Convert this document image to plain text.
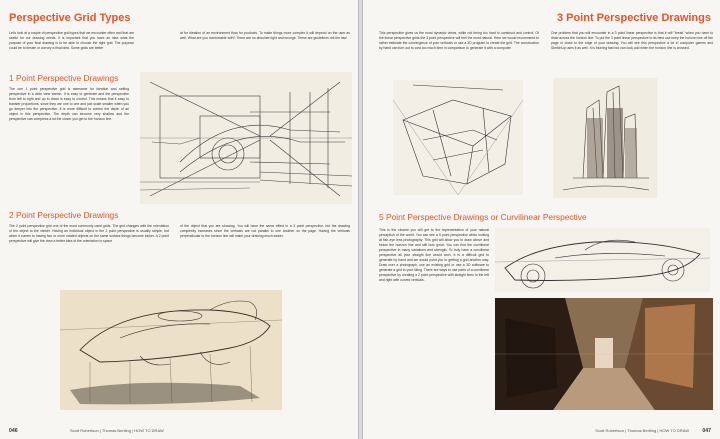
Perspective Grid Types
Let's look at a couple of perspective grid types that we encounter often and that are useful for our drawing needs. It is important that you have an idea what the purpose of your final drawing is to be able to choose the right grid. The purpose could be to iterate or convey a final idea. Some grids are better
at for ideation of an environment than for products. To make things more complex it will depend on the user as well. What are you comfortable with? There are no absolute right and wrongs. These are guidelines not the law!
1 Point Perspective Drawings
The one 1 point perspective grid is awesome for ideation and setting perspective in a wide view sketch. It is easy to generate and the perspective from left to right and up to down is easy to control. This means that it easy to transfer proportions, since they are one to one and just scale smaller when you go deeper into the perspective. It is more difficult to control the depth of an object in this perspective. The depth can become very shallow and the perspective can compress a lot the closer you get to the horizon line.
2 Point Perspective Drawings
The 2 point perspective grid one of the most commonly used grids. The grid changes with the orientation of the object to the viewer. Having an individual object in the 2 point perspective is usually simple, but when it comes to having two or more rotated objects on the same surface things become tricker. A 2 point perspective will give the view a better idea of the orientation in space
of the object that you are showing. You will have the same effect in a 3 point perspective, but the drawing complexity increases since the verticals are not parallel to one another on the page. Having the verticals perpendicular to the horizon line will make your drawing much easier.
046	Scott Robertson | Thomas Bertling | HOW TO DRAW
3 Point Perspective Drawings
This perspective gives us the most dynamic views, while not being too hard to construct and control. Of the linear perspective grids the 3 point perspective will feel the most natural. Here we would recommend to rather estimate the convergence of your verticals or use a 3D program to create the grid. The construction by hand can turn out to cost too much time in comparison to generate it with a computer.
One problem that you will encounter in a 3 point linear perspective is that it will "break" when you have to draw across the horizon line. To put the 3 point linear perspective to its best use keep the horizon line off the page or close to the edge of your drawing. You will see this perspective a lot in computer games and SketchUp uses it as well. It is blurring fast but can look odd when the horizon line is crossed.
5 Point Perspective Drawings or Curvilinear Perspective
This is the closest you will get to the representation of your natural perception of the world. You can see a 5 point perspective when looking at fish-eye lens photography. This grid will allow you to draw above and below the horizon line and still look good. You can find the curvilinear perspective in many variations and strength. To truly have a curvilinear perspective all your straight line would arch. It is a difficult grid to generate by hand and we would point you to getting a grid another way. Draw over a photograph, use an existing grid or use a 3D software to generate a grid to your liking. There are ways to use parts of a curvilinear perspective by creating a 2 point perspective with straight lines to the left and right with curved verticals.
Scott Robertson | Thomas Bertling | HOW TO DRAW	047
